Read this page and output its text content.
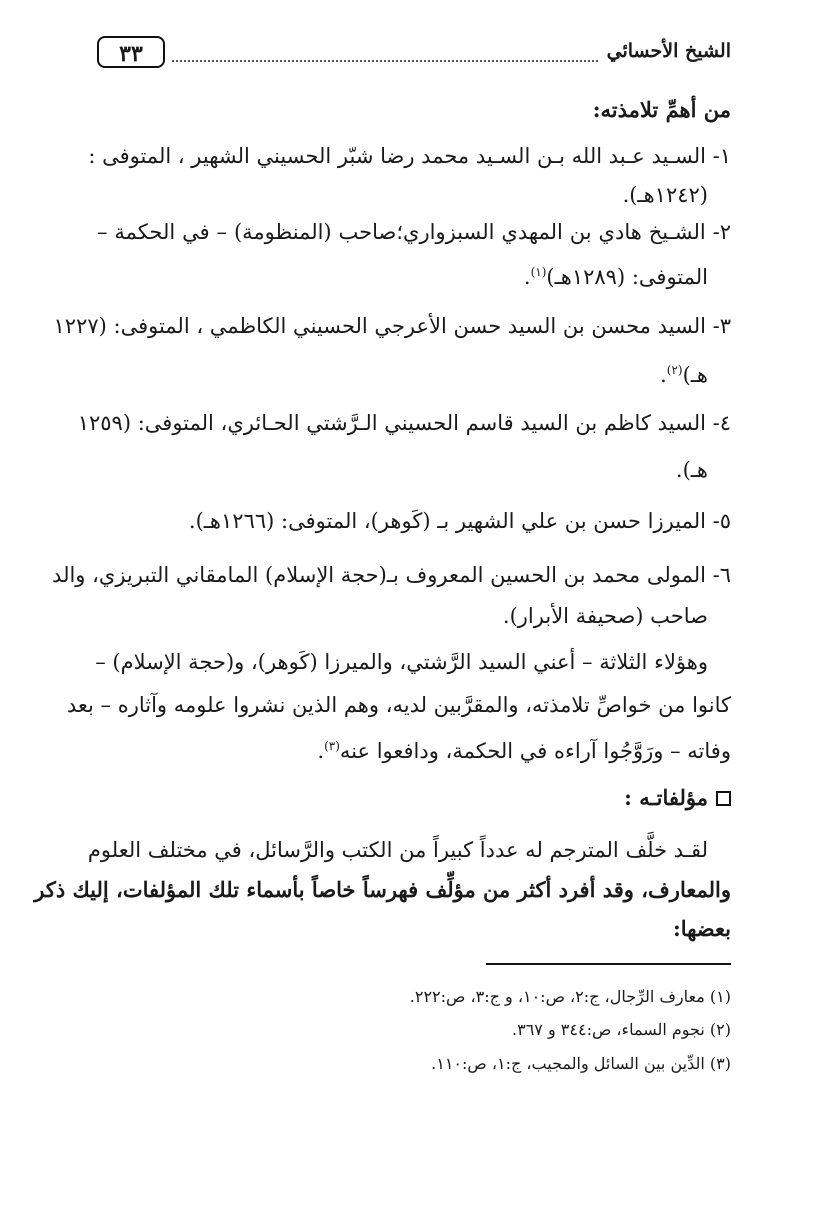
الشيخ الأحسائي
٣٣
من أهمِّ تلامذته:
١- السـيد عـبد الله بـن السـيد محمد رضا شبّر الحسيني الشهير ، المتوفى :
(١٢٤٢هـ).
٢- الشـيخ هادي بن المهدي السبزواري؛صاحب (المنظومة) – في الحكمة –
المتوفى: (١٢٨٩هـ)$^{(١)}$.
٣- السيد محسن بن السيد حسن الأعرجي الحسيني الكاظمي ، المتوفى: (١٢٢٧
هـ)$^{(٢)}$.
٤- السيد كاظم بن السيد قاسم الحسيني الـرَّشتي الحـائري، المتوفى: (١٢٥٩
هـ).
٥- الميرزا حسن بن علي الشهير بـ (كَوهر)، المتوفى: (١٢٦٦هـ).
٦- المولى محمد بن الحسين المعروف بـ(حجة الإسلام) المامقاني التبريزي، والد
صاحب (صحيفة الأبرار).
وهؤلاء الثلاثة – أعني السيد الرَّشتي، والميرزا (كَوهر)، و(حجة الإسلام) –
كانوا من خواصِّ تلامذته، والمقرَّبين لديه، وهم الذين نشروا علومه وآثاره – بعد
وفاته – ورَوَّجُوا آراءه في الحكمة، ودافعوا عنه$^{(٣)}$.
مؤلفاتـه :
لقـد خلَّف المترجم له عدداً كبيراً من الكتب والرَّسائل، في مختلف العلوم
والمعارف، وقد أفرد أكثر من مؤلِّف فهرساً خاصاً بأسماء تلك المؤلفات، إليك ذكر
بعضها:
(١) معارف الرِّجال، ج:٢، ص:١٠، و ج:٣، ص:٢٢٢.
(٢) نجوم السماء، ص:٣٤٤ و ٣٦٧.
(٣) الدِّين بين السائل والمجيب، ج:١، ص:١١٠.
